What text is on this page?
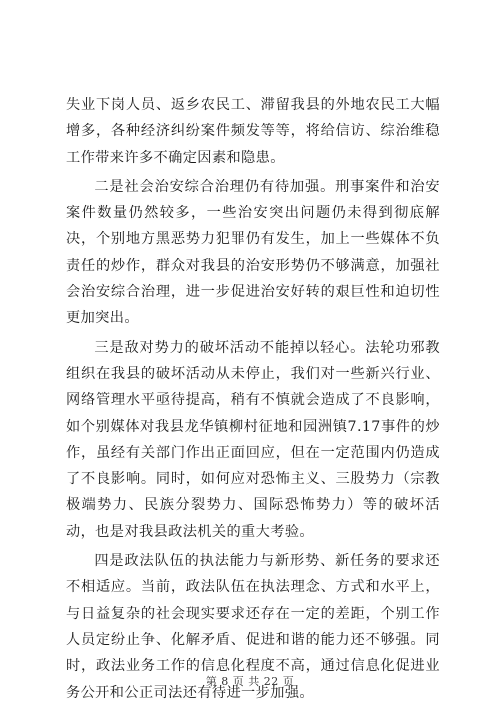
失业下岗人员、返乡农民工、滞留我县的外地农民工大幅增多，各种经济纠纷案件频发等等，将给信访、综治维稳工作带来许多不确定因素和隐患。

二是社会治安综合治理仍有待加强。刑事案件和治安案件数量仍然较多，一些治安突出问题仍未得到彻底解决，个别地方黑恶势力犯罪仍有发生，加上一些媒体不负责任的炒作，群众对我县的治安形势仍不够满意，加强社会治安综合治理，进一步促进治安好转的艰巨性和迫切性更加突出。

三是敌对势力的破坏活动不能掉以轻心。法轮功邪教组织在我县的破坏活动从未停止，我们对一些新兴行业、网络管理水平亟待提高，稍有不慎就会造成了不良影响，如个别媒体对我县龙华镇柳村征地和园洲镇7.17事件的炒作，虽经有关部门作出正面回应，但在一定范围内仍造成了不良影响。同时，如何应对恐怖主义、三股势力（宗教极端势力、民族分裂势力、国际恐怖势力）等的破坏活动，也是对我县政法机关的重大考验。

四是政法队伍的执法能力与新形势、新任务的要求还不相适应。当前，政法队伍在执法理念、方式和水平上，与日益复杂的社会现实要求还存在一定的差距，个别工作人员定纷止争、化解矛盾、促进和谐的能力还不够强。同时，政法业务工作的信息化程度不高，通过信息化促进业务公开和公正司法还有待进一步加强。

第 8 页 共 22 页
